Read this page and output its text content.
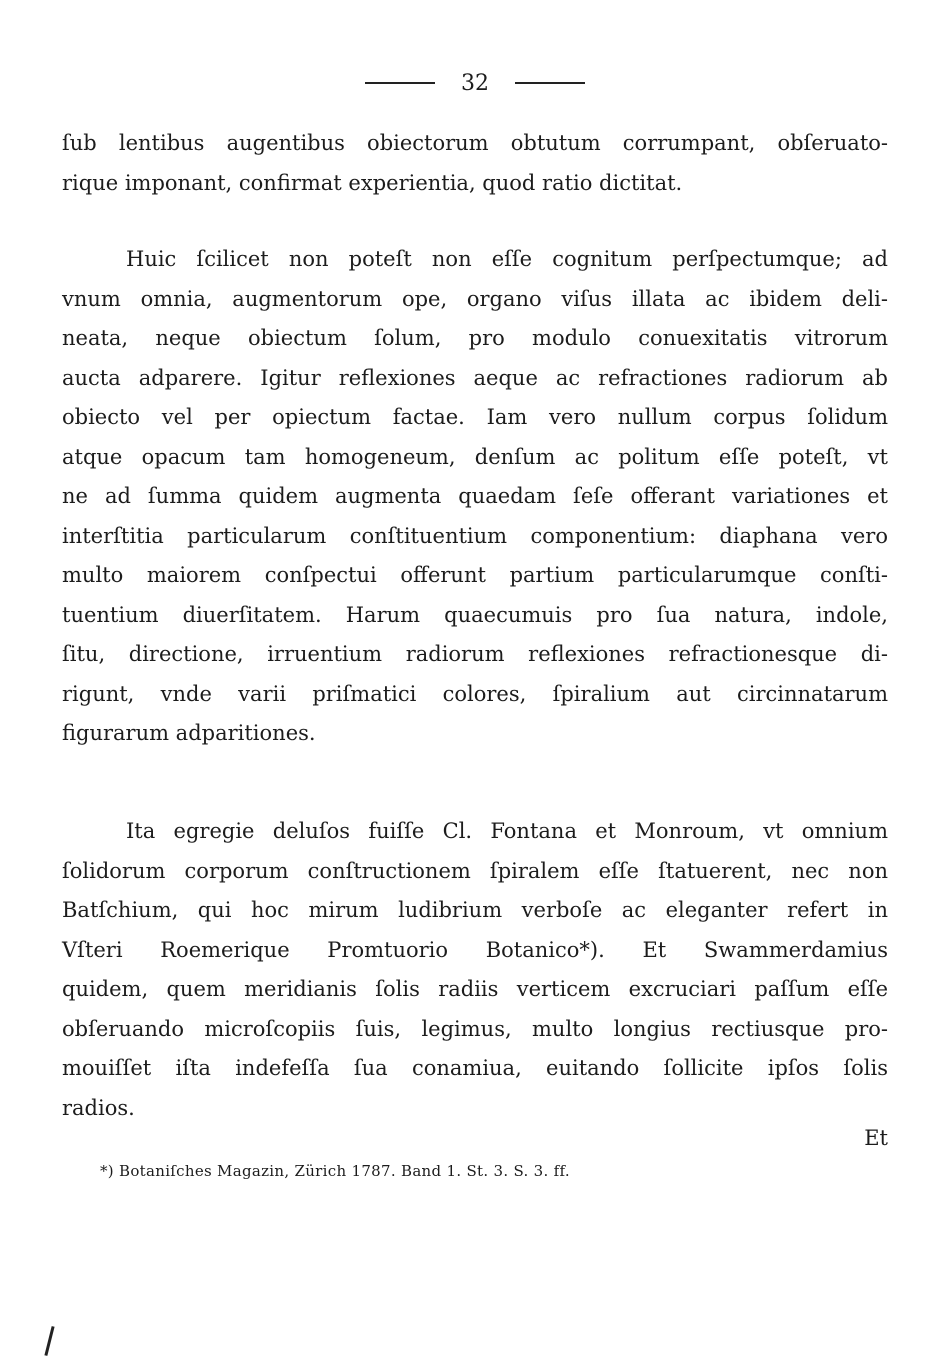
32
ſub lentibus augentibus obiectorum obtutum corrumpant, obſeruato-
rique imponant, confirmat experientia, quod ratio dictitat.
Huic ſcilicet non poteſt non eſſe cognitum perſpectumque; ad
vnum omnia, augmentorum ope, organo viſus illata ac ibidem deli-
neata, neque obiectum ſolum, pro modulo conuexitatis vitrorum
aucta adparere. Igitur reflexiones aeque ac refractiones radiorum ab
obiecto vel per opiectum factae. Iam vero nullum corpus ſolidum
atque opacum tam homogeneum, denſum ac politum eſſe poteſt, vt
ne ad ſumma quidem augmenta quaedam ſeſe offerant variationes et
interſtitia particularum conſtituentium componentium: diaphana vero
multo maiorem conſpectui offerunt partium particularumque conſti-
tuentium diuerſitatem. Harum quaecumuis pro ſua natura, indole,
ſitu, directione, irruentium radiorum reflexiones refractionesque di-
rigunt, vnde varii priſmatici colores, ſpiralium aut circinnatarum
figurarum adparitiones.
Ita egregie deluſos fuiſſe Cl. Fontana et Monroum, vt omnium
ſolidorum corporum conſtructionem ſpiralem eſſe ſtatuerent, nec non
Batſchium, qui hoc mirum ludibrium verboſe ac eleganter refert in
Vſteri Roemerique Promtuorio Botanico*). Et Swammerdamius
quidem, quem meridianis ſolis radiis verticem excruciari paſſum eſſe
obſeruando microſcopiis ſuis, legimus, multo longius rectiusque pro-
mouiſſet iſta indefeſſa ſua conamiua, euitando ſollicite ipſos ſolis
radios.
Et
*) Botaniſches Magazin, Zürich 1787. Band 1. St. 3. S. 3. ff.
